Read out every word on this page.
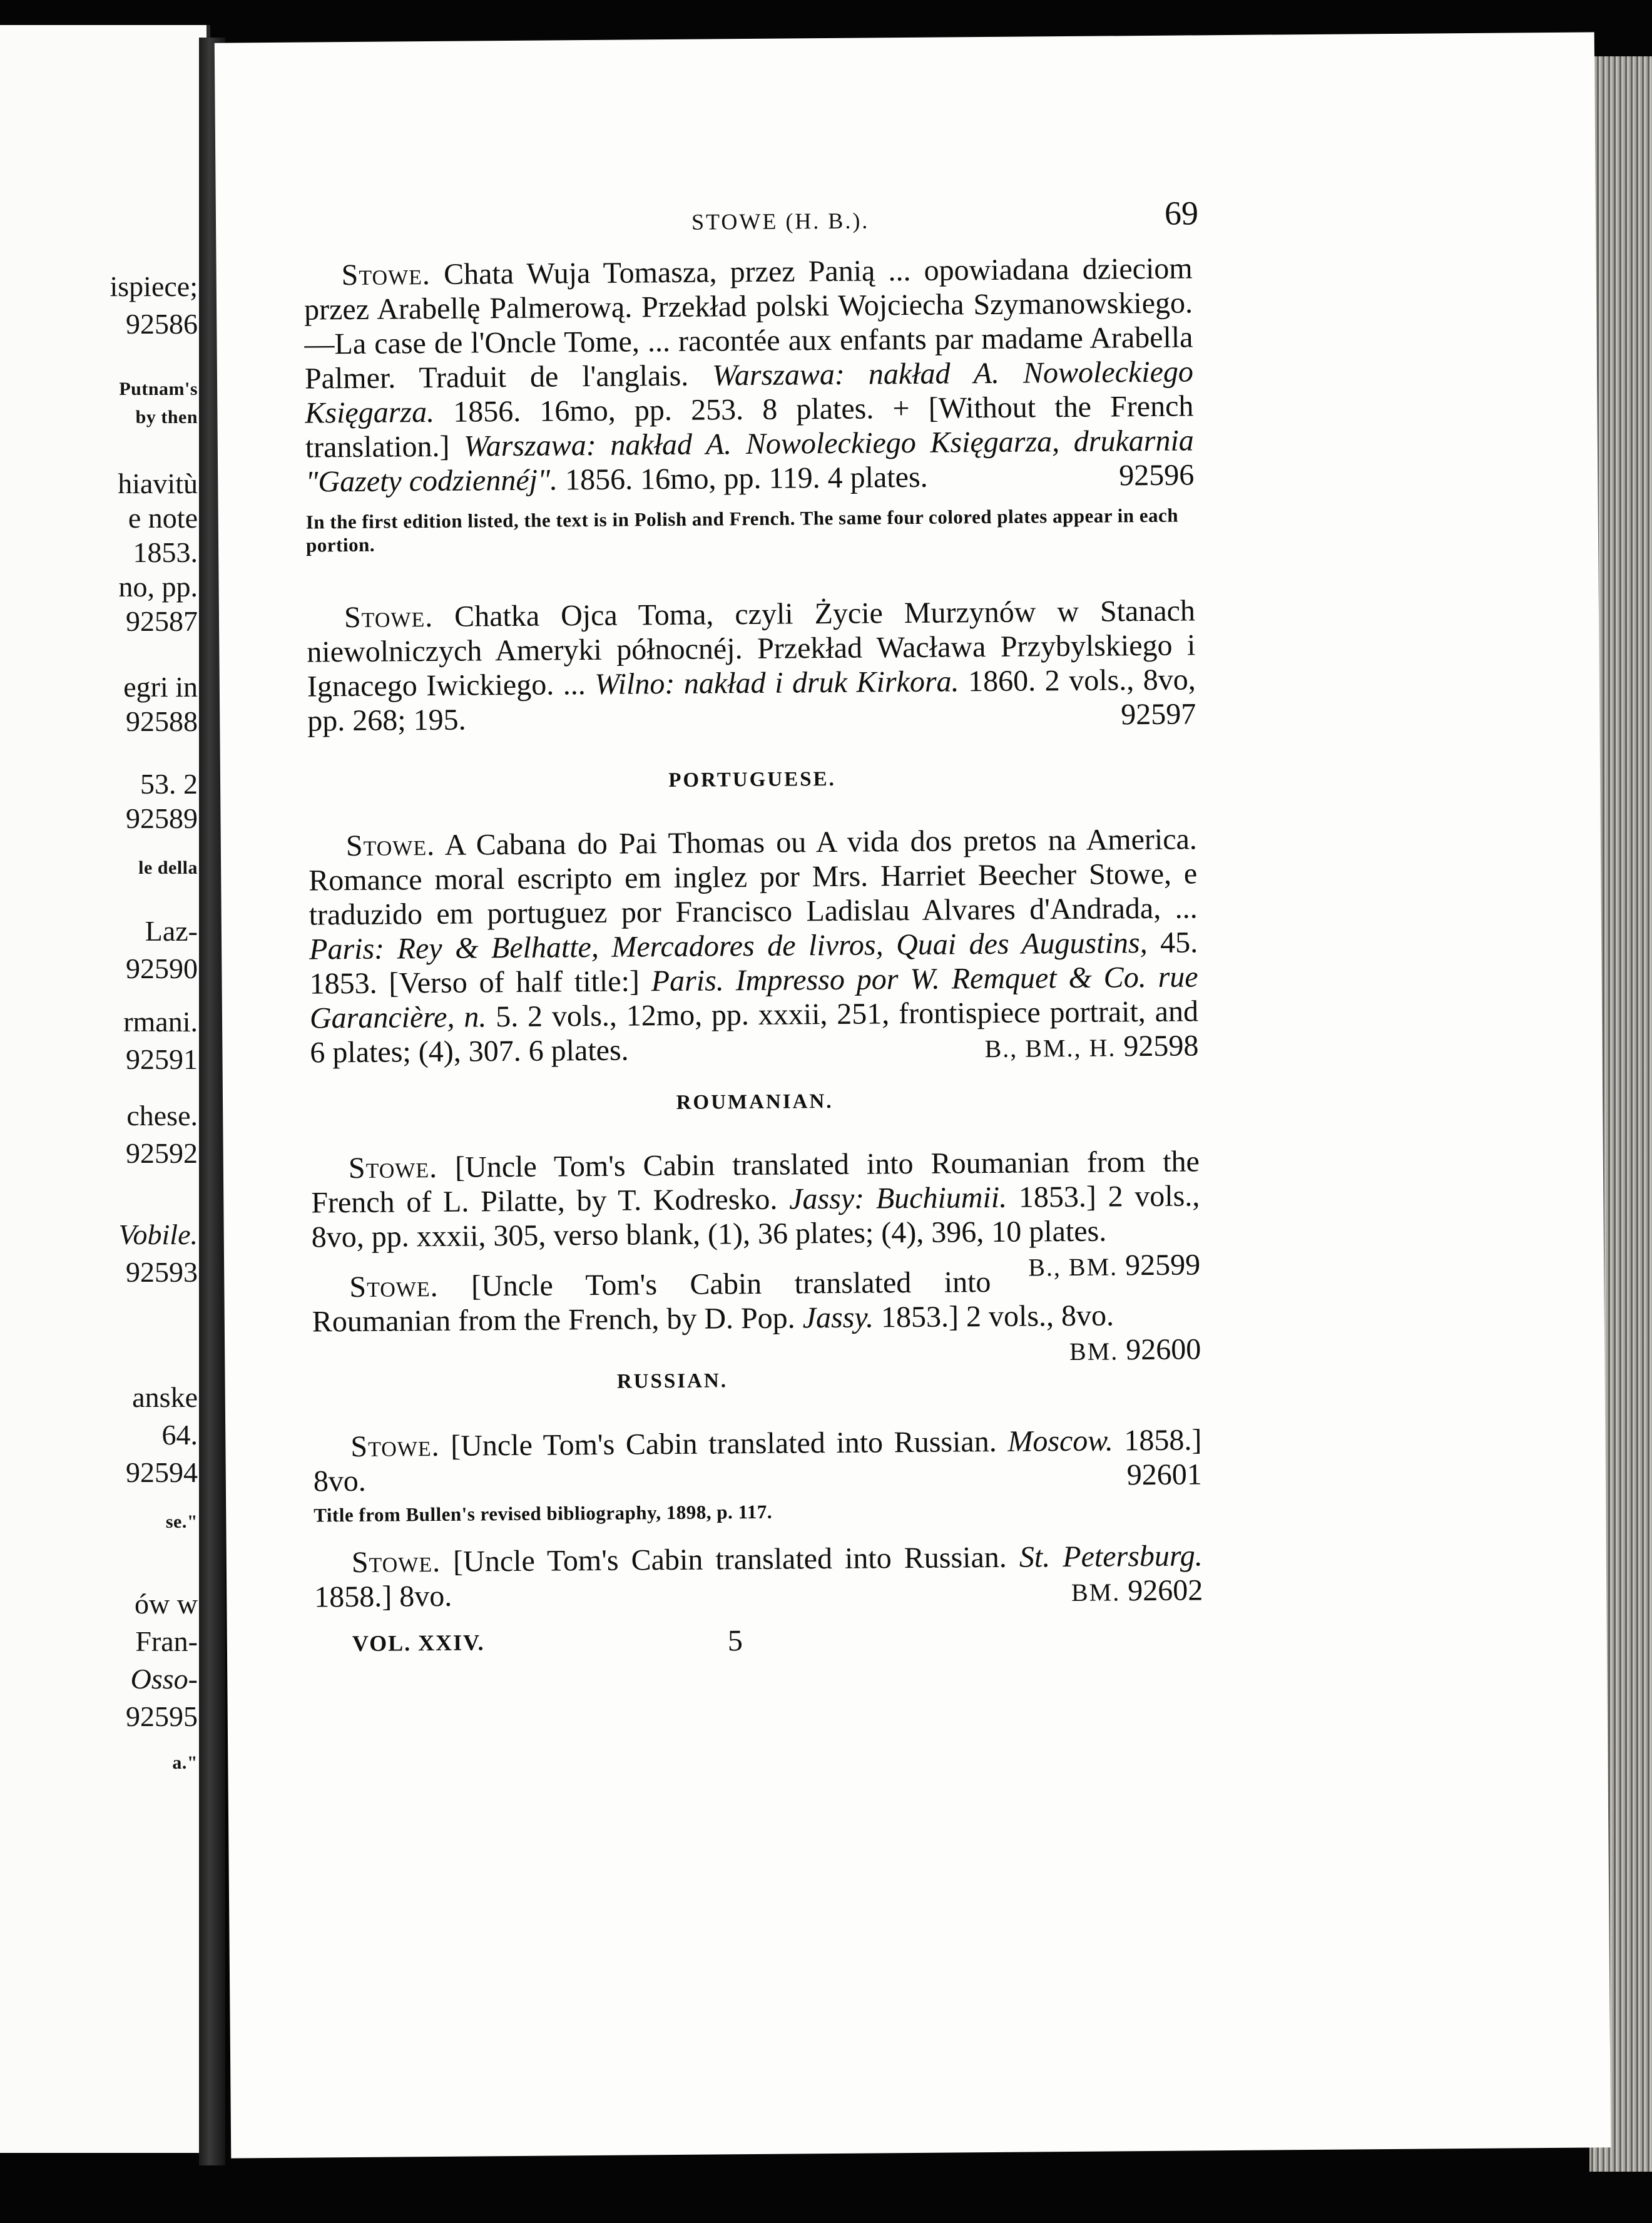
ispiece;
92586
Putnam's
by then
hiavitù
e note
1853.
no, pp.
92587
egri in
92588
53. 2
92589
le della
Laz-
92590
rmani.
92591
chese.
92592
Vobile.
92593
anske
64.
92594
se."
ów w
Fran-
Osso-
92595
a."
STOWE (H. B.).	69

Stowe. Chata Wuja Tomasza, przez Panią ... opowiadana dzieciom przez Arabellę Palmerową. Przekład polski Wojciecha Szymanowskiego.—La case de l'Oncle Tome, ... racontée aux enfants par madame Arabella Palmer. Traduit de l'anglais. Warszawa: nakład A. Nowoleckiego Księgarza. 1856. 16mo, pp. 253. 8 plates. + [Without the French translation.] Warszawa: nakład A. Nowoleckiego Księgarza, drukarnia "Gazety codziennéj". 1856. 16mo, pp. 119. 4 plates.	92596

In the first edition listed, the text is in Polish and French. The same four colored plates appear in each portion.

Stowe. Chatka Ojca Toma, czyli Życie Murzynów w Stanach niewolniczych Ameryki północnéj. Przekład Wacława Przybylskiego i Ignacego Iwickiego. ... Wilno: nakład i druk Kirkora. 1860. 2 vols., 8vo, pp. 268; 195.	92597

PORTUGUESE.

Stowe. A Cabana do Pai Thomas ou A vida dos pretos na America. Romance moral escripto em inglez por Mrs. Harriet Beecher Stowe, e traduzido em portuguez por Francisco Ladislau Alvares d'Andrada, ... Paris: Rey & Belhatte, Mercadores de livros, Quai des Augustins, 45. 1853. [Verso of half title:] Paris. Impresso por W. Remquet & Co. rue Garancière, n. 5. 2 vols., 12mo, pp. xxxii, 251, frontispiece portrait, and 6 plates; (4), 307. 6 plates.	B., BM., H. 92598

ROUMANIAN.

Stowe. [Uncle Tom's Cabin translated into Roumanian from the French of L. Pilatte, by T. Kodresko. Jassy: Buchiumii. 1853.] 2 vols., 8vo, pp. xxxii, 305, verso blank, (1), 36 plates; (4), 396, 10 plates.
B., BM. 92599

Stowe. [Uncle Tom's Cabin translated into Roumanian from the French, by D. Pop. Jassy. 1853.] 2 vols., 8vo.
BM. 92600

RUSSIAN.

Stowe. [Uncle Tom's Cabin translated into Russian. Moscow. 1858.] 8vo.	92601

Title from Bullen's revised bibliography, 1898, p. 117.

Stowe. [Uncle Tom's Cabin translated into Russian. St. Petersburg. 1858.] 8vo.	BM. 92602

VOL. XXIV.	5
